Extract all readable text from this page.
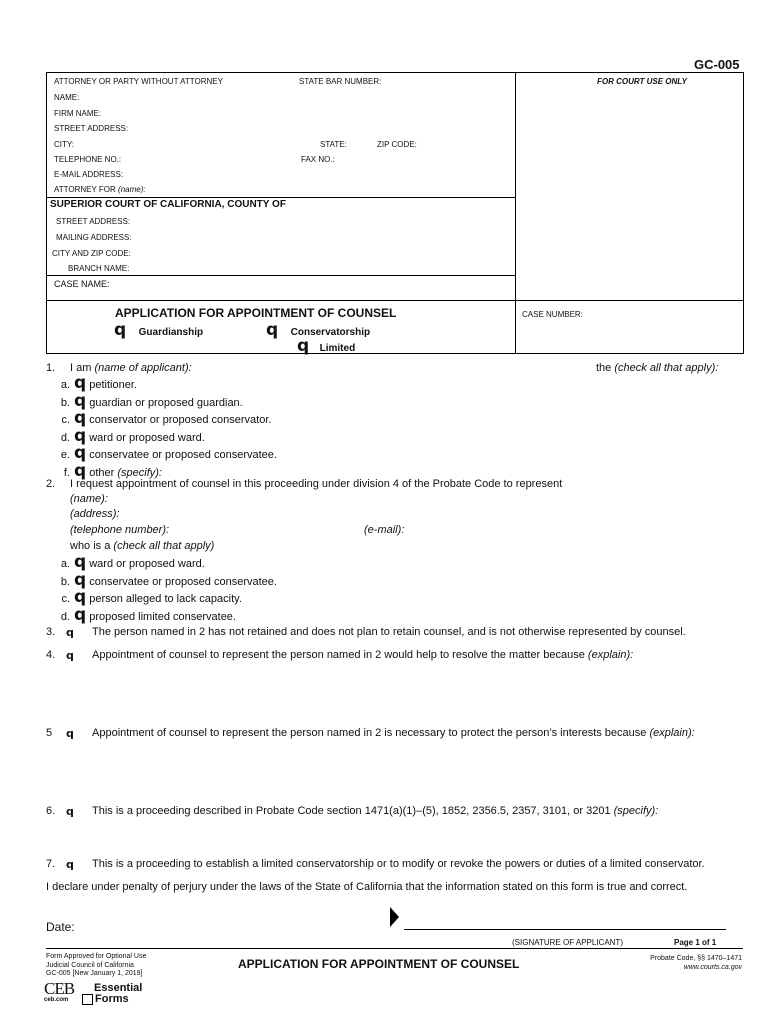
GC-005
ATTORNEY OR PARTY WITHOUT ATTORNEY	STATE BAR NUMBER:	FOR COURT USE ONLY
NAME:
FIRM NAME:
STREET ADDRESS:
CITY:	STATE:	ZIP CODE:
TELEPHONE NO.:	FAX NO.:
E-MAIL ADDRESS:
ATTORNEY FOR (name):
SUPERIOR COURT OF CALIFORNIA, COUNTY OF
STREET ADDRESS:
MAILING ADDRESS:
CITY AND ZIP CODE:
BRANCH NAME:
CASE NAME:
APPLICATION FOR APPOINTMENT OF COUNSEL
q Guardianship	q Conservatorship
q Limited
CASE NUMBER:
1. I am (name of applicant):	the (check all that apply):
a. q petitioner.
b. q guardian or proposed guardian.
c. q conservator or proposed conservator.
d. q ward or proposed ward.
e. q conservatee or proposed conservatee.
f. q other (specify):
2. I request appointment of counsel in this proceeding under division 4 of the Probate Code to represent
(name):
(address):
(telephone number):	(e-mail):
who is a (check all that apply)
a. q ward or proposed ward.
b. q conservatee or proposed conservatee.
c. q person alleged to lack capacity.
d. q proposed limited conservatee.
3. q The person named in 2 has not retained and does not plan to retain counsel, and is not otherwise represented by counsel.
4. q Appointment of counsel to represent the person named in 2 would help to resolve the matter because (explain):
5 q Appointment of counsel to represent the person named in 2 is necessary to protect the person’s interests because (explain):
6. q This is a proceeding described in Probate Code section 1471(a)(1)–(5), 1852, 2356.5, 2357, 3101, or 3201 (specify):
7. q This is a proceeding to establish a limited conservatorship or to modify or revoke the powers or duties of a limited conservator.
I declare under penalty of perjury under the laws of the State of California that the information stated on this form is true and correct.
Date:
(SIGNATURE OF APPLICANT)	Page 1 of 1
Form Approved for Optional Use
Judicial Council of California
GC-005 [New January 1, 2019]
APPLICATION FOR APPOINTMENT OF COUNSEL	Probate Code, §§ 1470–1471
www.courts.ca.gov
CEB
ceb.com
Essential
Forms
